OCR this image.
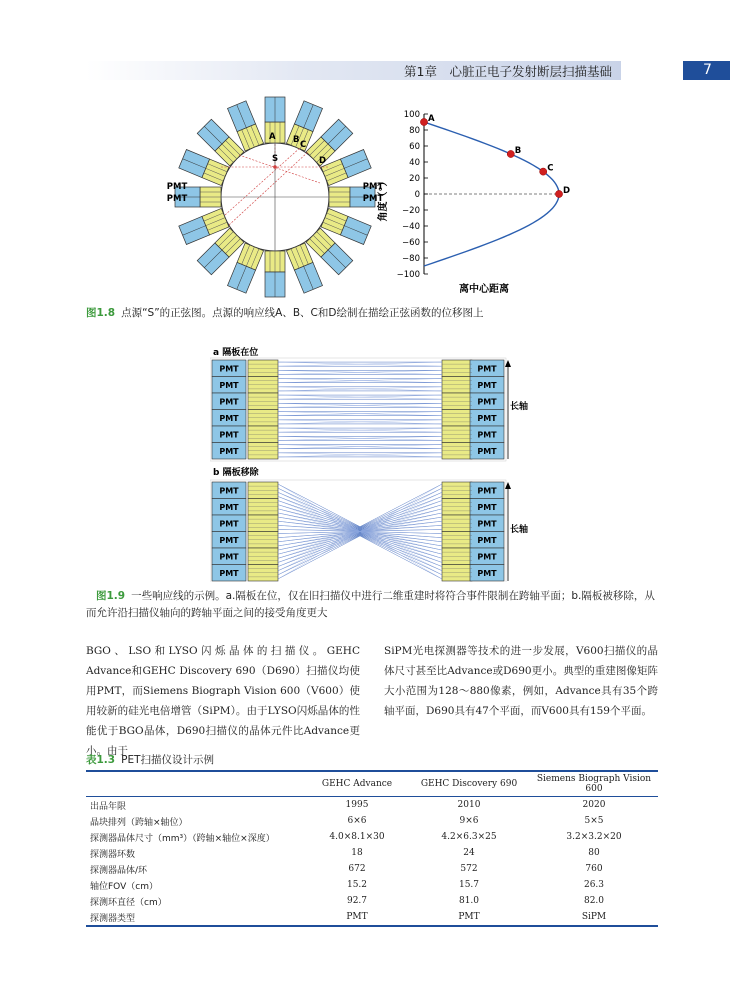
第1章　心脏正电子发射断层扫描基础	7
PMT
PMT
PMT
PMT
A B C
D
S
角度（°）
离中心距离
100
80
60
40
20
0
−20
−40
−60
−80
−100
A
B
C
D
图1.8 点源“S”的正弦图。点源的响应线A、B、C和D绘制在描绘正弦函数的位移图上
a 隔板在位
b 隔板移除
长轴
长轴
PMT	PMT
PMT	PMT
PMT	PMT
PMT	PMT
PMT	PMT
PMT	PMT
PMT	PMT
PMT	PMT
PMT	PMT
PMT	PMT
PMT	PMT
PMT	PMT
图1.9 一些响应线的示例。a.隔板在位，仅在旧扫描仪中进行二维重建时将符合事件限制在跨轴平面；b.隔板被移除，从而允许沿扫描仪轴向的跨轴平面之间的接受角度更大
BGO、LSO和LYSO闪烁晶体的扫描仪。GEHC Advance和GEHC Discovery 690（D690）扫描仪均使用PMT，而Siemens Biograph Vision 600（V600）使用较新的硅光电倍增管（SiPM）。由于LYSO闪烁晶体的性能优于BGO晶体，D690扫描仪的晶体元件比Advance更小。由于
SiPM光电探测器等技术的进一步发展，V600扫描仪的晶体尺寸甚至比Advance或D690更小。典型的重建图像矩阵大小范围为128～880像素，例如，Advance具有35个跨轴平面，D690具有47个平面，而V600具有159个平面。
表1.3 PET扫描仪设计示例
	GEHC Advance	GEHC Discovery 690	Siemens Biograph Vision 600
出品年限	1995	2010	2020
晶块排列（跨轴×轴位）	6×6	9×6	5×5
探测器晶体尺寸（mm³）（跨轴×轴位×深度）	4.0×8.1×30	4.2×6.3×25	3.2×3.2×20
探测器环数	18	24	80
探测器晶体/环	672	572	760
轴位FOV（cm）	15.2	15.7	26.3
探测环直径（cm）	92.7	81.0	82.0
探测器类型	PMT	PMT	SiPM
